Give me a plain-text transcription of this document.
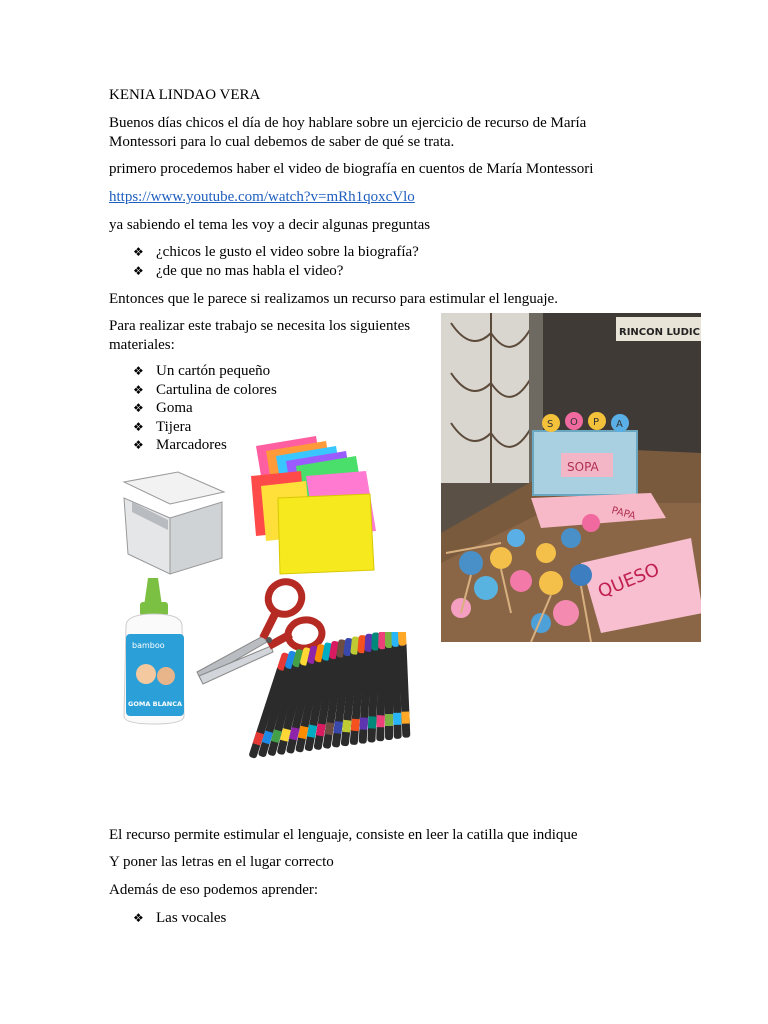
KENIA LINDAO VERA
Buenos días chicos el día de hoy hablare sobre un ejercicio de recurso de María
Montessori para lo cual debemos de saber de qué se trata.
primero procedemos haber el video de biografía en cuentos de María Montessori
https://www.youtube.com/watch?v=mRh1qoxcVlo
ya sabiendo el tema les voy a decir algunas preguntas
❖ ¿chicos le gusto el video sobre la biografía?
❖ ¿de que no mas habla el video?
Entonces que le parece si realizamos un recurso para estimular el lenguaje.
Para realizar este trabajo se necesita los siguientes
materiales:
❖ Un cartón pequeño
❖ Cartulina de colores
❖ Goma
❖ Tijera
❖ Marcadores
RINCON LUDIC
SOPA
S O P A
PAPA
QUESO
bamboo
GOMA BLANCA
El recurso permite estimular el lenguaje, consiste en leer la catilla que indique
Y poner las letras en el lugar correcto
Además de eso podemos aprender:
❖ Las vocales
